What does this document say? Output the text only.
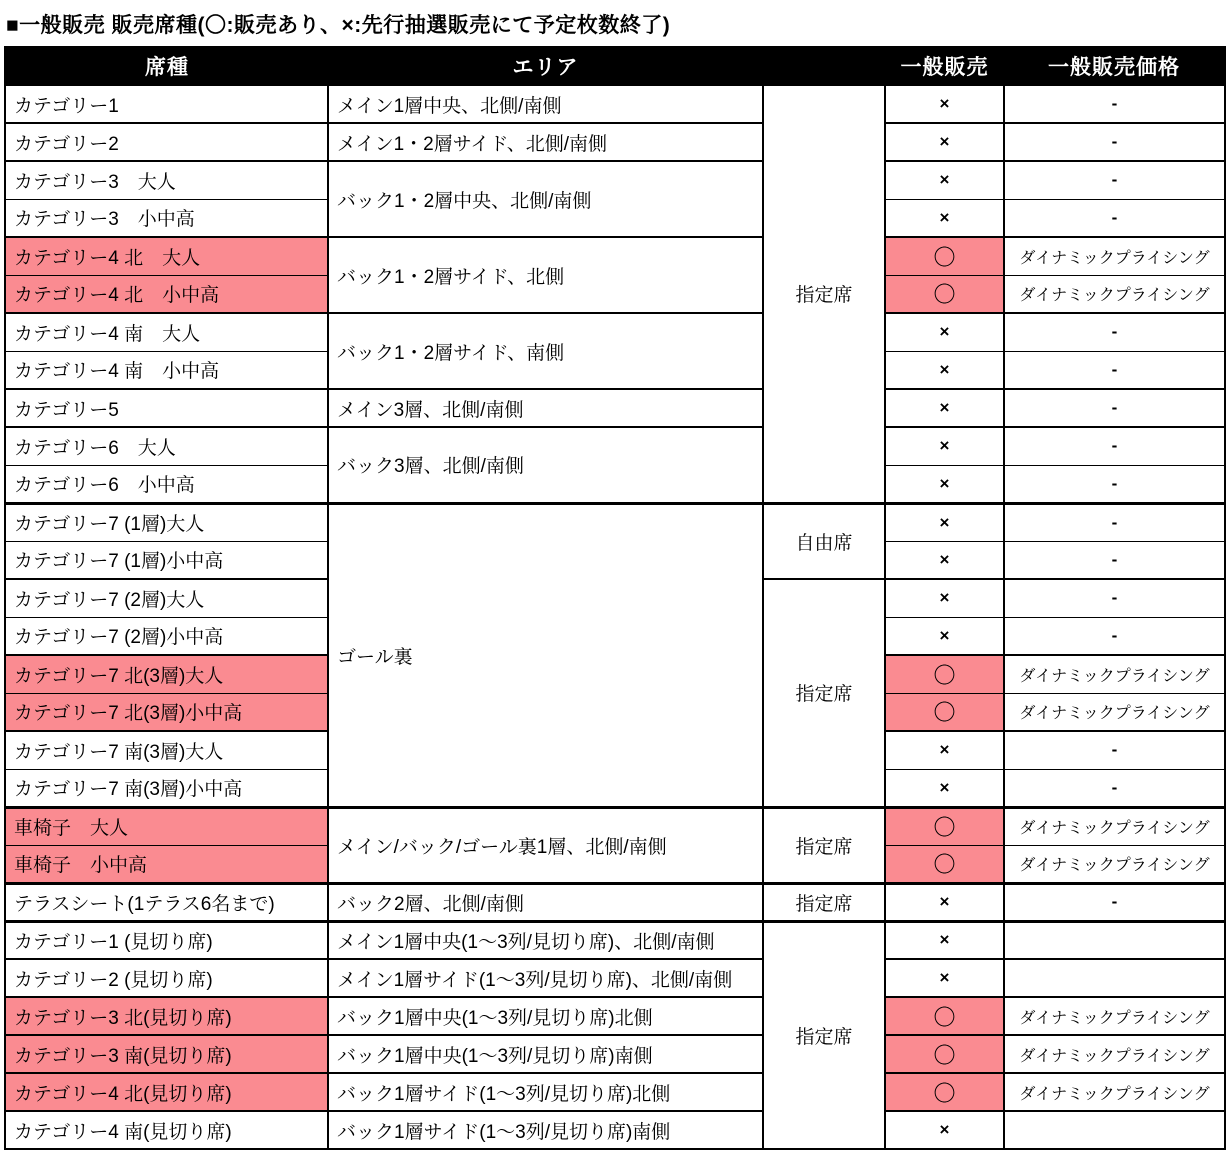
■一般販売 販売席種(〇:販売あり、×:先行抽選販売にて予定枚数終了)
席種	エリア		一般販売	一般販売価格
カテゴリー1	メイン1層中央、北側/南側	指定席	×	-
カテゴリー2	メイン1・2層サイド、北側/南側		×	-
カテゴリー3　大人	バック1・2層中央、北側/南側		×	-
カテゴリー3　小中高			×	-
カテゴリー4 北　大人	バック1・2層サイド、北側		〇	ダイナミックプライシング
カテゴリー4 北　小中高			〇	ダイナミックプライシング
カテゴリー4 南　大人	バック1・2層サイド、南側		×	-
カテゴリー4 南　小中高			×	-
カテゴリー5	メイン3層、北側/南側		×	-
カテゴリー6　大人	バック3層、北側/南側		×	-
カテゴリー6　小中高			×	-
カテゴリー7 (1層)大人	ゴール裏	自由席	×	-
カテゴリー7 (1層)小中高			×	-
カテゴリー7 (2層)大人		指定席	×	-
カテゴリー7 (2層)小中高			×	-
カテゴリー7 北(3層)大人			〇	ダイナミックプライシング
カテゴリー7 北(3層)小中高			〇	ダイナミックプライシング
カテゴリー7 南(3層)大人			×	-
カテゴリー7 南(3層)小中高			×	-
車椅子　大人	メイン/バック/ゴール裏1層、北側/南側	指定席	〇	ダイナミックプライシング
車椅子　小中高			〇	ダイナミックプライシング
テラスシート(1テラス6名まで)	バック2層、北側/南側	指定席	×	-
カテゴリー1 (見切り席)	メイン1層中央(1〜3列/見切り席)、北側/南側	指定席	×	
カテゴリー2 (見切り席)	メイン1層サイド(1〜3列/見切り席)、北側/南側		×	
カテゴリー3 北(見切り席)	バック1層中央(1〜3列/見切り席)北側		〇	ダイナミックプライシング
カテゴリー3 南(見切り席)	バック1層中央(1〜3列/見切り席)南側		〇	ダイナミックプライシング
カテゴリー4 北(見切り席)	バック1層サイド(1〜3列/見切り席)北側		〇	ダイナミックプライシング
カテゴリー4 南(見切り席)	バック1層サイド(1〜3列/見切り席)南側		×	
